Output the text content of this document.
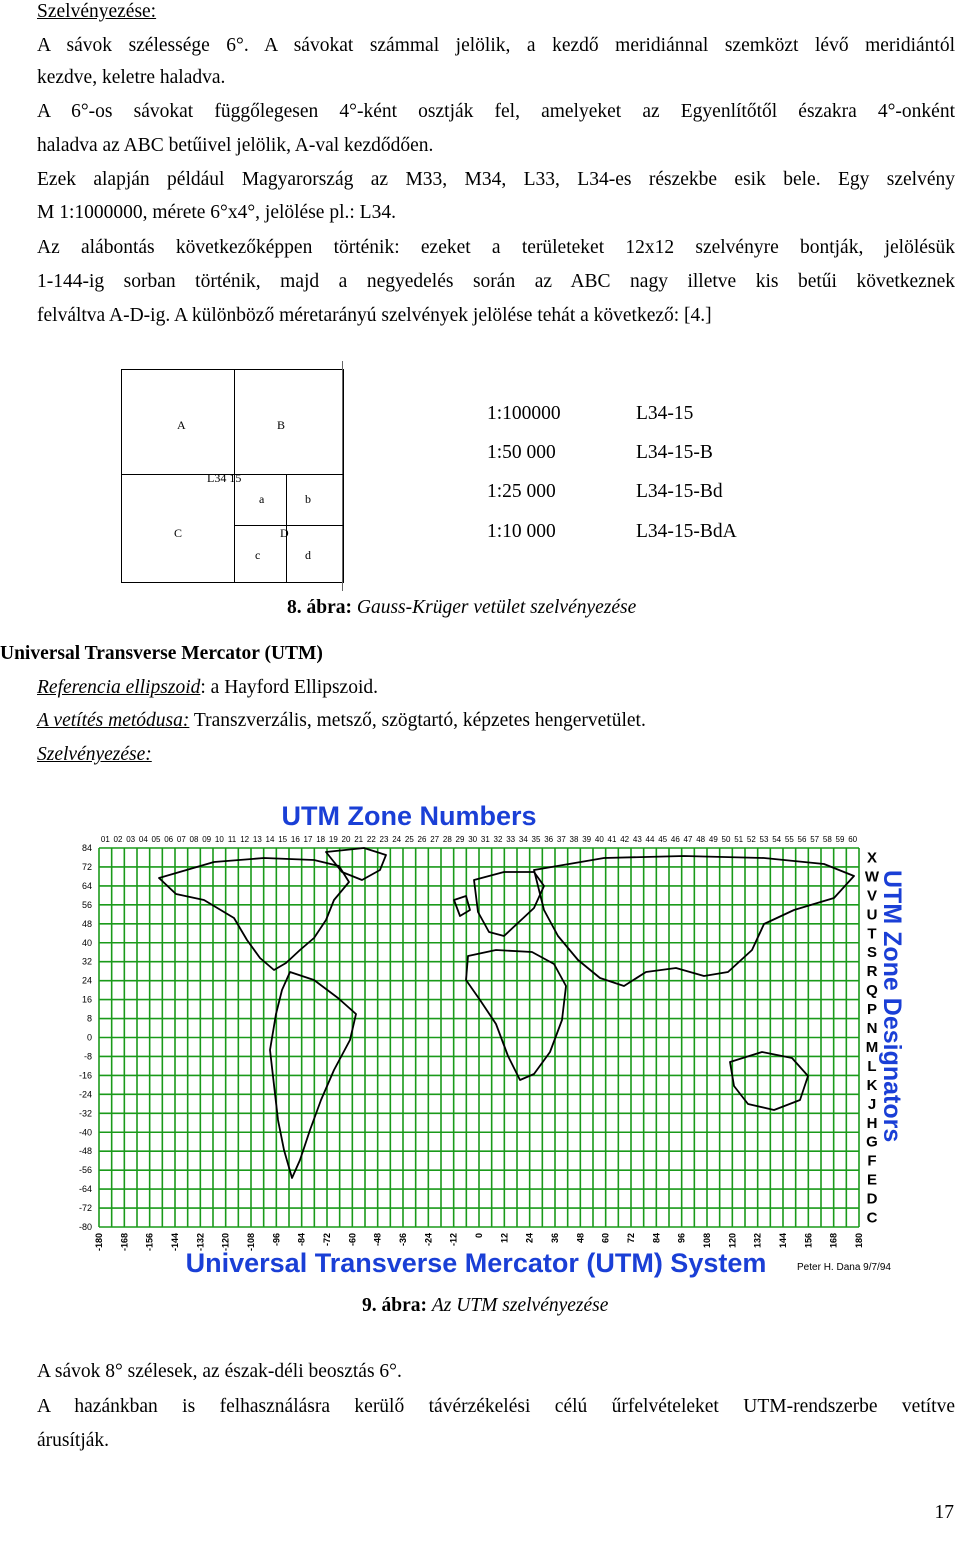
Szelvényezése:
A sávok szélessége 6°. A sávokat számmal jelölik, a kezdő meridiánnal szemközt lévő meridiántól
kezdve, keletre haladva.
A 6°-os sávokat függőlegesen 4°-ként osztják fel, amelyeket az Egyenlítőtől északra 4°-onként
haladva az ABC betűivel jelölik, A-val kezdődően.
Ezek alapján például Magyarország az M33, M34, L33, L34-es részekbe esik bele. Egy szelvény
M 1:1000000, mérete 6°x4°, jelölése pl.: L34.
Az alábontás következőképpen történik: ezeket a területeket 12x12 szelvényre bontják, jelölésük
1-144-ig sorban történik, majd a negyedelés során az ABC nagy illetve kis betűi következnek
felváltva A-D-ig. A különböző méretarányú szelvények jelölése tehát a következő: [4.]
A	B
L34 15
a	b
C	D
c	d
1:100000	L34-15
1:50 000	L34-15-B
1:25 000	L34-15-Bd
1:10 000	L34-15-BdA
8. ábra: Gauss-Krüger vetület szelvényezése
Universal Transverse Mercator (UTM)
Referencia ellipszoid: a Hayford Ellipszoid.
A vetítés metódusa: Transzverzális, metsző, szögtartó, képzetes hengervetület.
Szelvényezése:
UTM Zone Numbers
01 02 03 04 05 06 07 08 09 10 11 12 13 14 15 16 17 18 19 20 21 22 23 24 25 26 27 28 29 30 31 32 33 34 35 36 37 38 39 40 41 42 43 44 45 46 47 48 49 50 51 52 53 54 55 56 57 58 59 60
84
72
64
56
48
40
32
24
16
8
0
-8
-16
-24
-32
-40
-48
-56
-64
-72
-80
-180 -168 -156 -144 -132 -120 -108 -96 -84 -72 -60 -48 -36 -24 -12 0 12 24 36 48 60 72 84 96 108 120 132 144 156 168 180
X
W
V
U
T
S
R
Q
P
N
M
L
K
J
H
G
F
E
D
C
UTM Zone Designators
Universal Transverse Mercator (UTM) System	Peter H. Dana 9/7/94
9. ábra: Az UTM szelvényezése
A sávok 8° szélesek, az észak-déli beosztás 6°.
A hazánkban is felhasználásra kerülő távérzékelési célú űrfelvételeket UTM-rendszerbe vetítve
árusítják.
17
